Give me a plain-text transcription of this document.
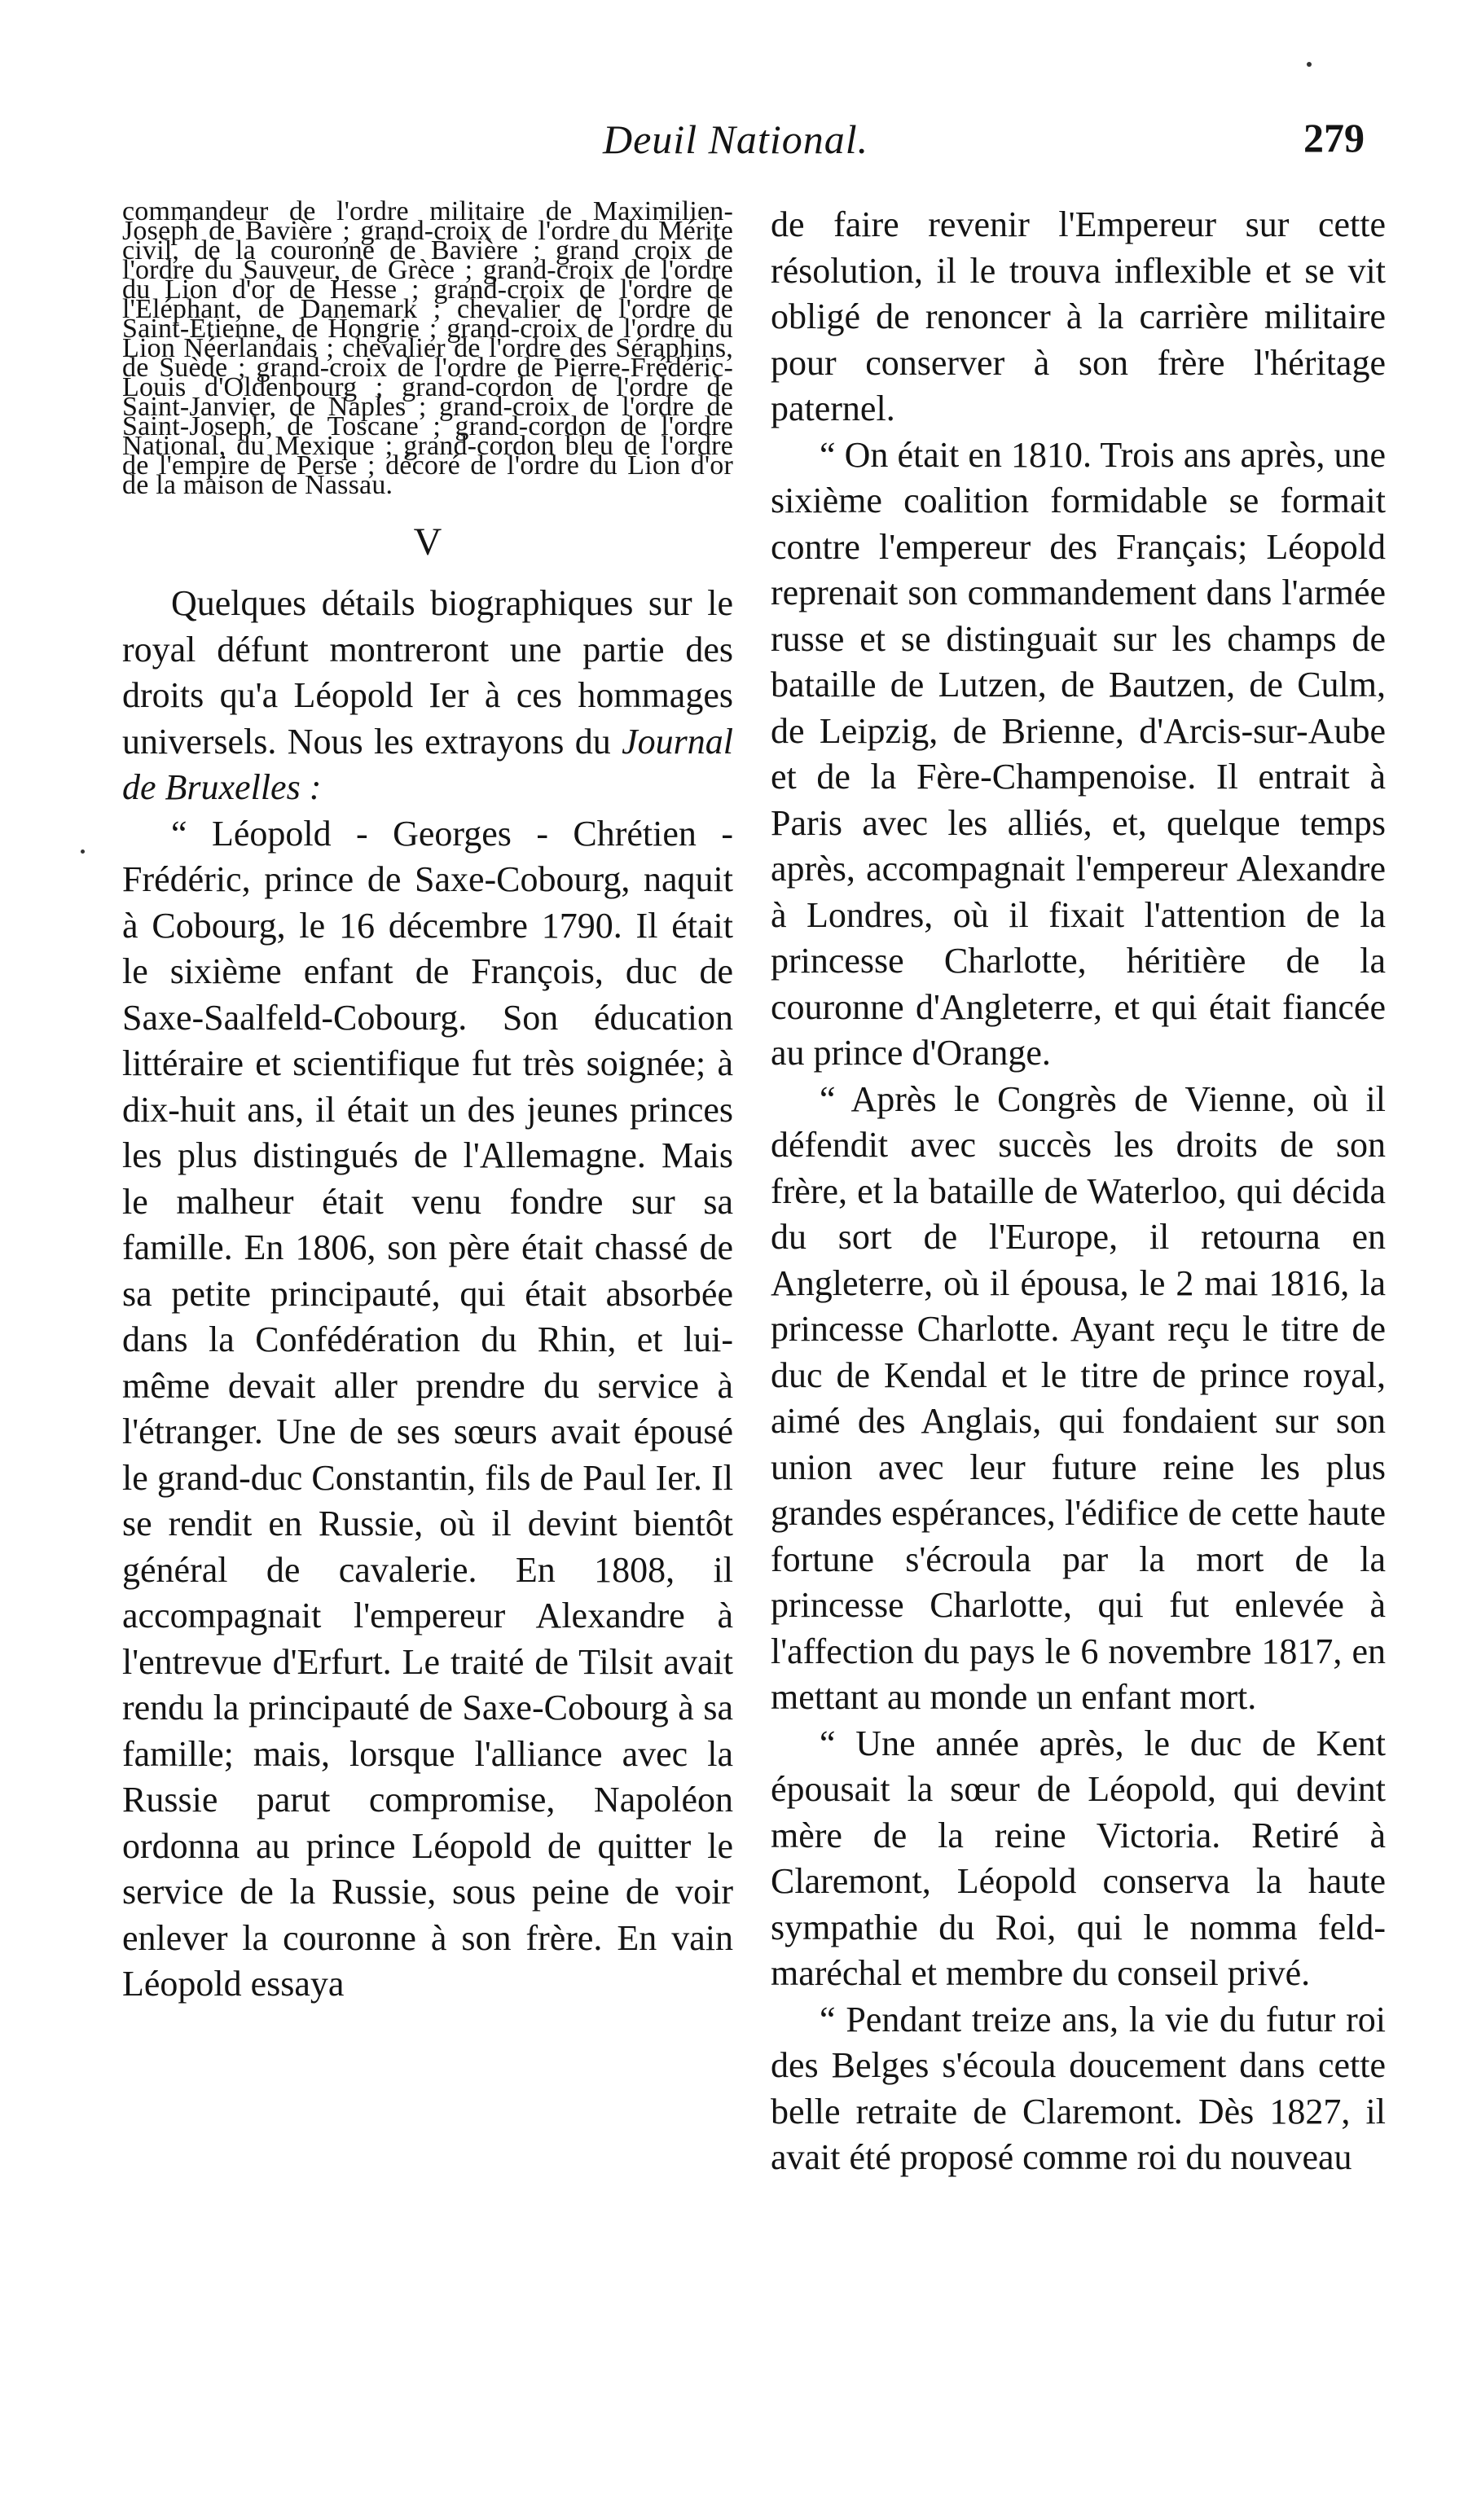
Deuil National.	279

commandeur de l'ordre militaire de Maximilien-Joseph de Bavière ; grand-croix de l'ordre du Mérite civil, de la couronne de Bavière ; grand croix de l'ordre du Sauveur, de Grèce ; grand-croix de l'ordre du Lion d'or de Hesse ; grand-croix de l'ordre de l'Eléphant, de Danemark ; chevalier de l'ordre de Saint-Etienne, de Hongrie ; grand-croix de l'ordre du Lion Néerlandais ; chevalier de l'ordre des Séraphins, de Suède ; grand-croix de l'ordre de Pierre-Frédéric-Louis d'Oldenbourg ; grand-cordon de l'ordre de Saint-Janvier, de Naples ; grand-croix de l'ordre de Saint-Joseph, de Toscane ; grand-cordon de l'ordre National, du Mexique ; grand-cordon bleu de l'ordre de l'empire de Perse ; décoré de l'ordre du Lion d'or de la maison de Nassau.

V

Quelques détails biographiques sur le royal défunt montreront une partie des droits qu'a Léopold Ier à ces hommages universels. Nous les extrayons du Journal de Bruxelles :

“ Léopold - Georges - Chrétien - Frédéric, prince de Saxe-Cobourg, naquit à Cobourg, le 16 décembre 1790. Il était le sixième enfant de François, duc de Saxe-Saalfeld-Cobourg. Son éducation littéraire et scientifique fut très soignée; à dix-huit ans, il était un des jeunes princes les plus distingués de l'Allemagne. Mais le malheur était venu fondre sur sa famille. En 1806, son père était chassé de sa petite principauté, qui était absorbée dans la Confédération du Rhin, et lui-même devait aller prendre du service à l'étranger. Une de ses sœurs avait épousé le grand-duc Constantin, fils de Paul Ier. Il se rendit en Russie, où il devint bientôt général de cavalerie. En 1808, il accompagnait l'empereur Alexandre à l'entrevue d'Erfurt. Le traité de Tilsit avait rendu la principauté de Saxe-Cobourg à sa famille; mais, lorsque l'alliance avec la Russie parut compromise, Napoléon ordonna au prince Léopold de quitter le service de la Russie, sous peine de voir enlever la couronne à son frère. En vain Léopold essaya

de faire revenir l'Empereur sur cette résolution, il le trouva inflexible et se vit obligé de renoncer à la carrière militaire pour conserver à son frère l'héritage paternel.

“ On était en 1810. Trois ans après, une sixième coalition formidable se formait contre l'empereur des Français; Léopold reprenait son commandement dans l'armée russe et se distinguait sur les champs de bataille de Lutzen, de Bautzen, de Culm, de Leipzig, de Brienne, d'Arcis-sur-Aube et de la Fère-Champenoise. Il entrait à Paris avec les alliés, et, quelque temps après, accompagnait l'empereur Alexandre à Londres, où il fixait l'attention de la princesse Charlotte, héritière de la couronne d'Angleterre, et qui était fiancée au prince d'Orange.

“ Après le Congrès de Vienne, où il défendit avec succès les droits de son frère, et la bataille de Waterloo, qui décida du sort de l'Europe, il retourna en Angleterre, où il épousa, le 2 mai 1816, la princesse Charlotte. Ayant reçu le titre de duc de Kendal et le titre de prince royal, aimé des Anglais, qui fondaient sur son union avec leur future reine les plus grandes espérances, l'édifice de cette haute fortune s'écroula par la mort de la princesse Charlotte, qui fut enlevée à l'affection du pays le 6 novembre 1817, en mettant au monde un enfant mort.

“ Une année après, le duc de Kent épousait la sœur de Léopold, qui devint mère de la reine Victoria. Retiré à Claremont, Léopold conserva la haute sympathie du Roi, qui le nomma feld-maréchal et membre du conseil privé.

“ Pendant treize ans, la vie du futur roi des Belges s'écoula doucement dans cette belle retraite de Claremont. Dès 1827, il avait été proposé comme roi du nouveau
